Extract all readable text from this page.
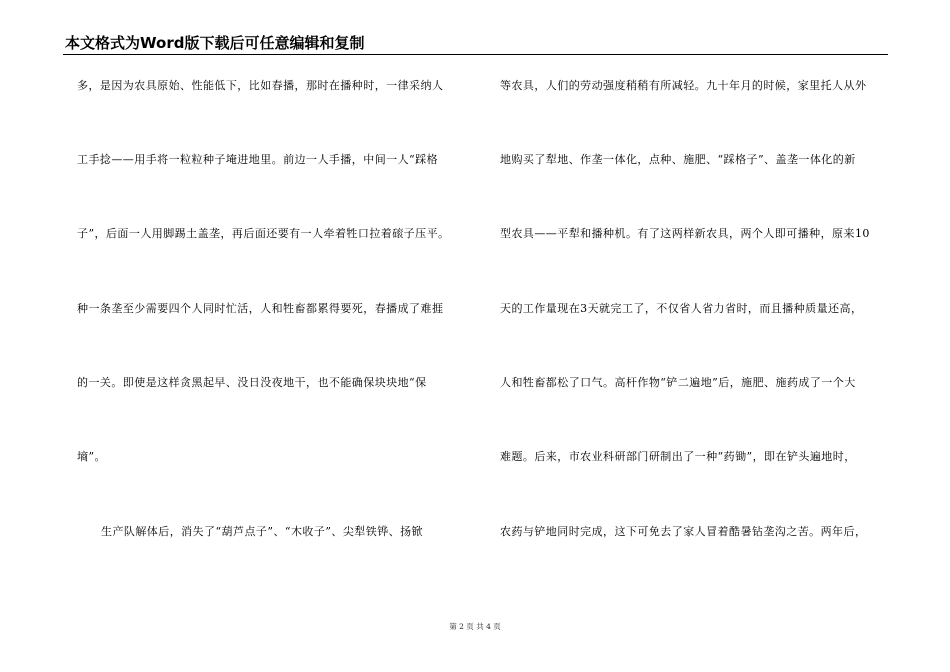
本文格式为Word版下载后可任意编辑和复制
多，是因为农具原始、性能低下，比如春播，那时在播种时，一律采纳人
工手捻——用手将一粒粒种子埯进地里。前边一人手播，中间一人“踩格
子”，后面一人用脚踢土盖垄，再后面还要有一人牵着牲口拉着磙子压平。
种一条垄至少需要四个人同时忙活，人和牲畜都累得要死，春播成了难捱
的一关。即使是这样贪黑起早、没日没夜地干，也不能确保块块地“保
墒”。
生产队解体后，消失了“葫芦点子”、“木收子”、尖犁铁铧、扬锨
等农具，人们的劳动强度稍稍有所减轻。九十年月的时候，家里托人从外
地购买了犁地、作垄一体化，点种、施肥、“踩格子”、盖垄一体化的新
型农具——平犁和播种机。有了这两样新农具，两个人即可播种，原来10
天的工作量现在3天就完工了，不仅省人省力省时，而且播种质量还高，
人和牲畜都松了口气。高杆作物“铲二遍地”后，施肥、施药成了一个大
难题。后来，市农业科研部门研制出了一种“药锄”，即在铲头遍地时，
农药与铲地同时完成，这下可免去了家人冒着酷暑钻垄沟之苦。两年后，
第 2 页 共 4 页
